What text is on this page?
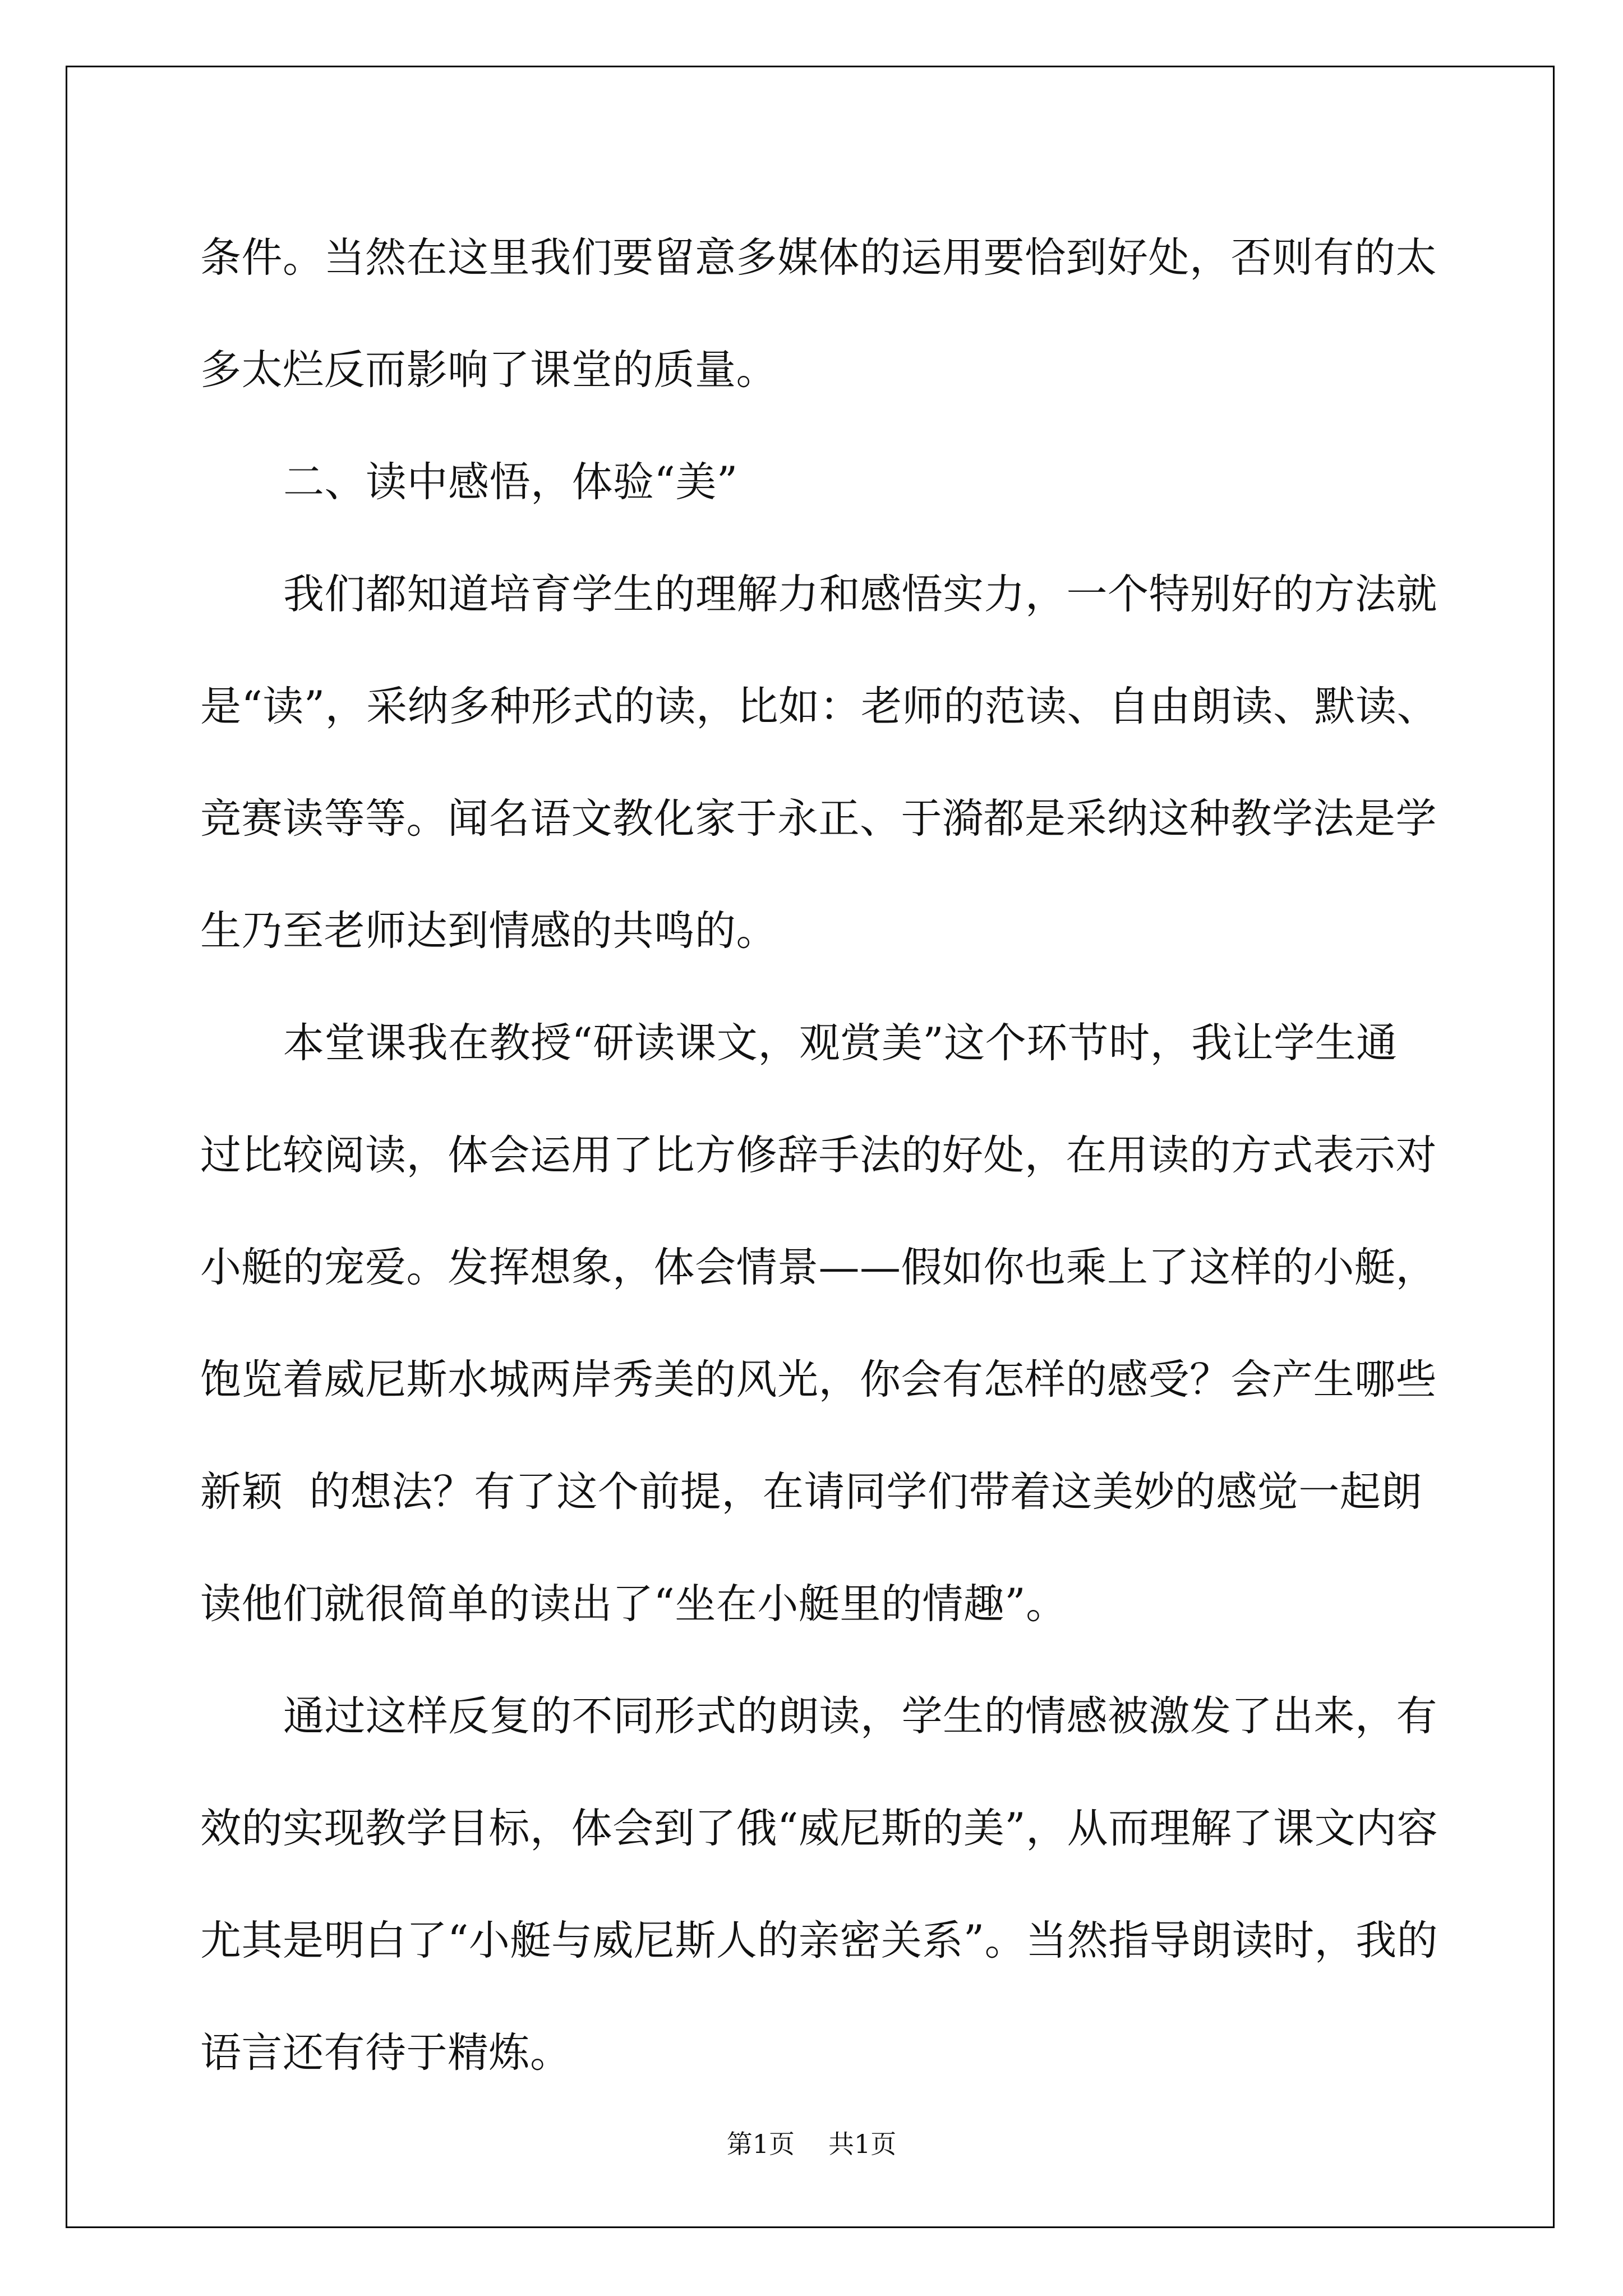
条件。当然在这里我们要留意多媒体的运用要恰到好处，否则有的太
多太烂反而影响了课堂的质量。
二、读中感悟，体验“美”
我们都知道培育学生的理解力和感悟实力，一个特别好的方法就
是“读”，采纳多种形式的读，比如：老师的范读、自由朗读、默读、
竞赛读等等。闻名语文教化家于永正、于漪都是采纳这种教学法是学
生乃至老师达到情感的共鸣的。
本堂课我在教授“研读课文，观赏美”这个环节时，我让学生通
过比较阅读，体会运用了比方修辞手法的好处，在用读的方式表示对
小艇的宠爱。发挥想象，体会情景——假如你也乘上了这样的小艇，
饱览着威尼斯水城两岸秀美的风光，你会有怎样的感受？会产生哪些
新颖  的想法？有了这个前提，在请同学们带着这美妙的感觉一起朗
读他们就很简单的读出了“坐在小艇里的情趣”。
通过这样反复的不同形式的朗读，学生的情感被激发了出来，有
效的实现教学目标，体会到了俄“威尼斯的美”，从而理解了课文内容
尤其是明白了“小艇与威尼斯人的亲密关系”。当然指导朗读时，我的
语言还有待于精炼。
第1页 共1页
